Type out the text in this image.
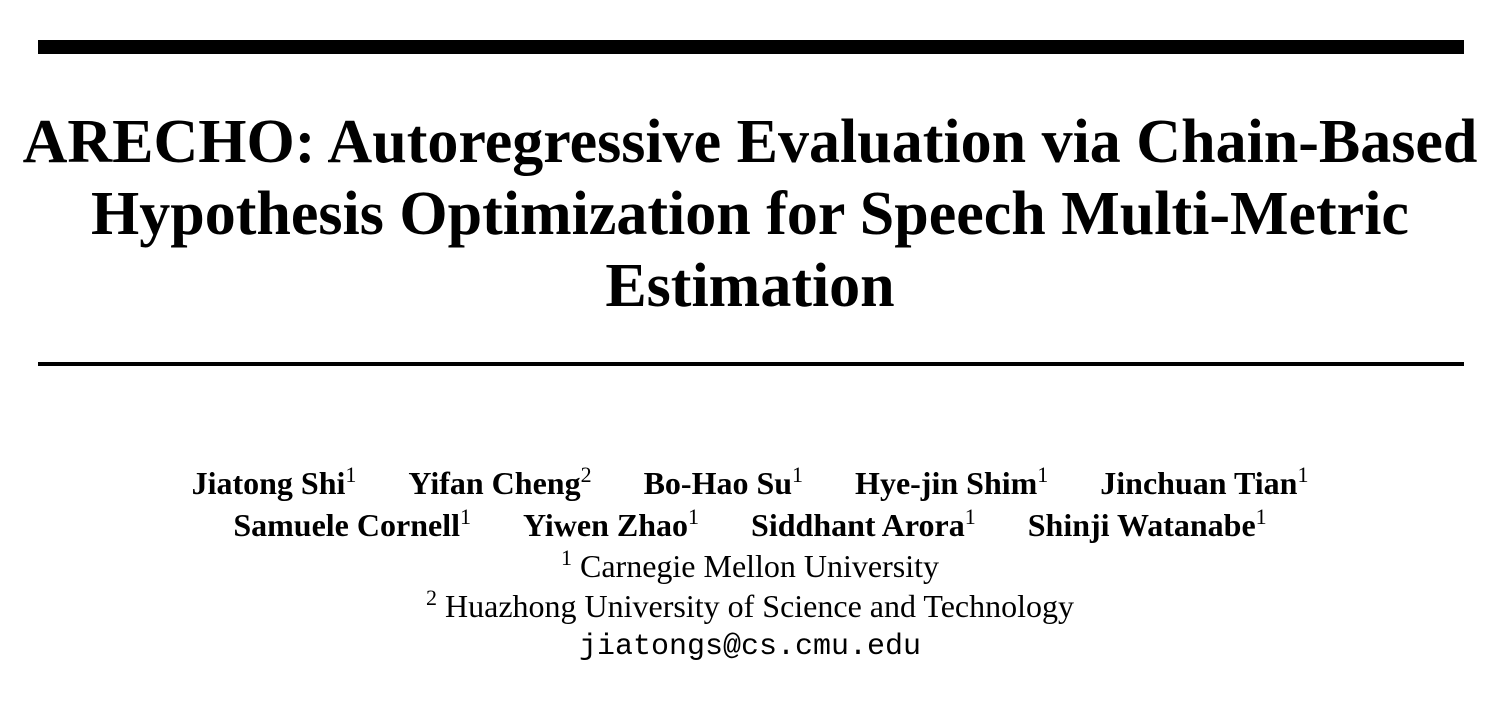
ARECHO: Autoregressive Evaluation via Chain-Based
Hypothesis Optimization for Speech Multi-Metric
Estimation
Jiatong Shi$^1$ Yifan Cheng$^2$ Bo-Hao Su$^1$ Hye-jin Shim$^1$ Jinchuan Tian$^1$
Samuele Cornell$^1$ Yiwen Zhao$^1$ Siddhant Arora$^1$ Shinji Watanabe$^1$
$^1$ Carnegie Mellon University
$^2$ Huazhong University of Science and Technology
jiatongs@cs.cmu.edu
